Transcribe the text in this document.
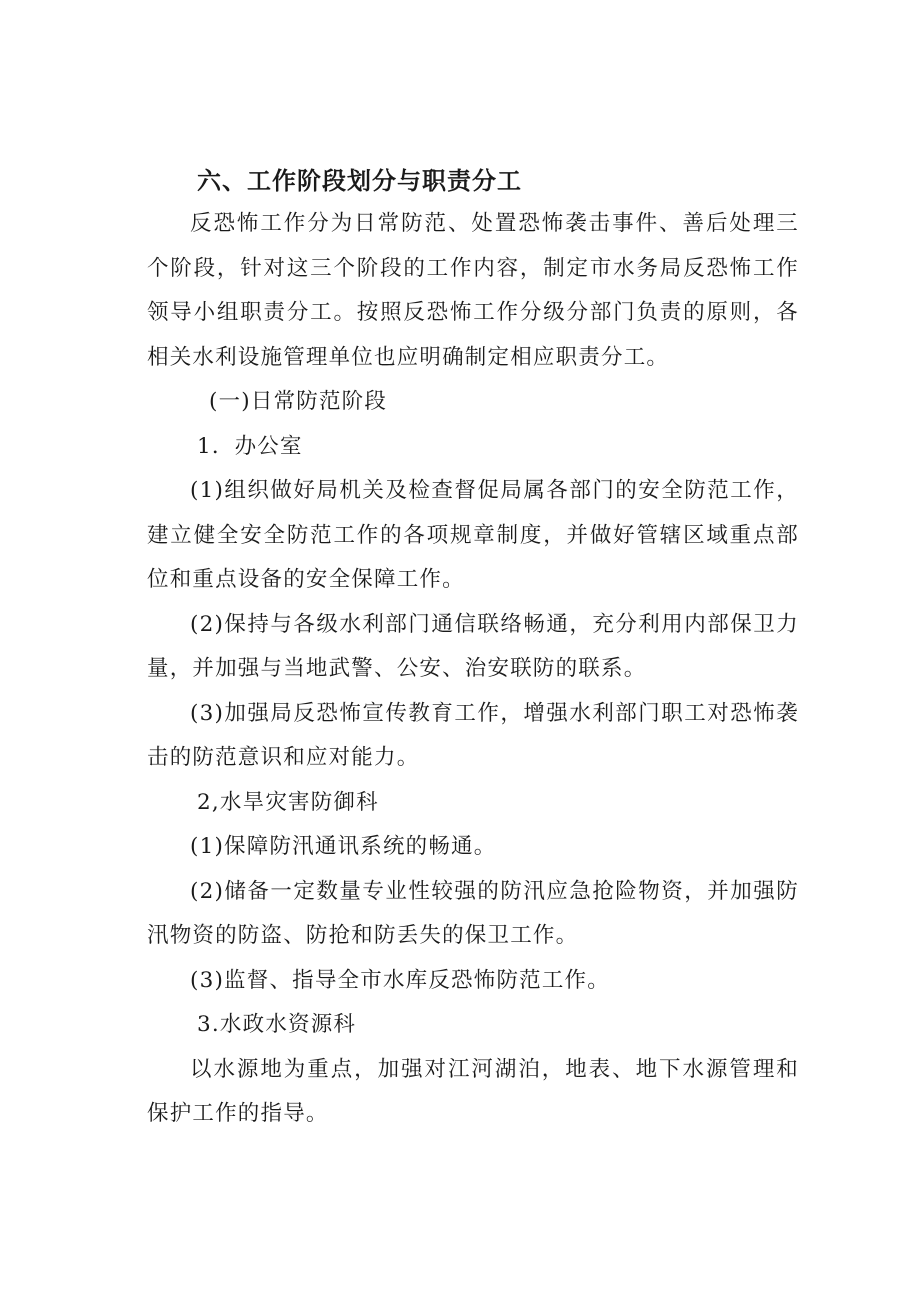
六、工作阶段划分与职责分工

反恐怖工作分为日常防范、处置恐怖袭击事件、善后处理三个阶段，针对这三个阶段的工作内容，制定市水务局反恐怖工作领导小组职责分工。按照反恐怖工作分级分部门负责的原则，各相关水利设施管理单位也应明确制定相应职责分工。

(一)日常防范阶段

1．办公室

(1)组织做好局机关及检查督促局属各部门的安全防范工作，建立健全安全防范工作的各项规章制度，并做好管辖区域重点部位和重点设备的安全保障工作。

(2)保持与各级水利部门通信联络畅通，充分利用内部保卫力量，并加强与当地武警、公安、治安联防的联系。

(3)加强局反恐怖宣传教育工作，增强水利部门职工对恐怖袭击的防范意识和应对能力。

2,水旱灾害防御科

(1)保障防汛通讯系统的畅通。

(2)储备一定数量专业性较强的防汛应急抢险物资，并加强防汛物资的防盗、防抢和防丢失的保卫工作。

(3)监督、指导全市水库反恐怖防范工作。

3.水政水资源科

以水源地为重点，加强对江河湖泊，地表、地下水源管理和保护工作的指导。
